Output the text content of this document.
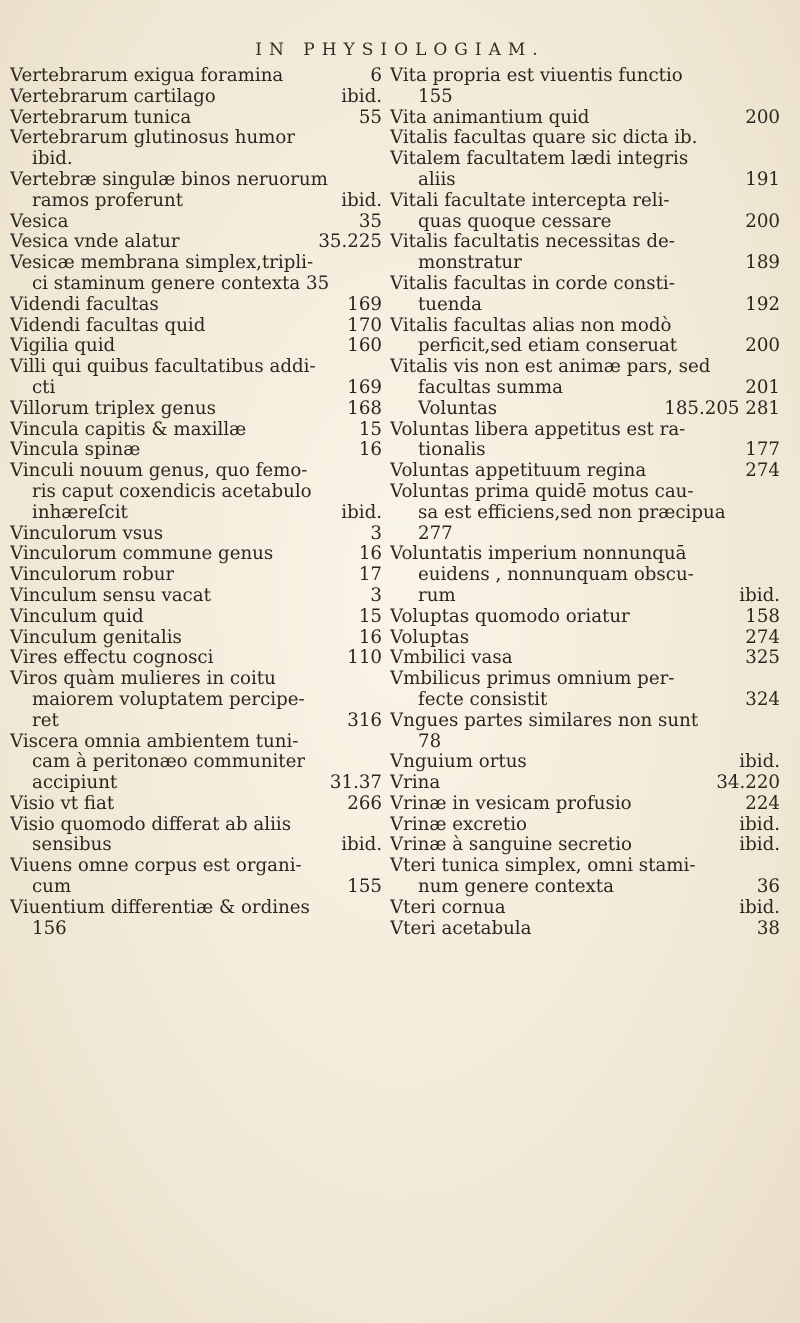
IN PHYSIOLOGIAM.
Vertebrarum exigua foramina	6
Vertebrarum cartilago	ibid.
Vertebrarum tunica	55
Vertebrarum glutinosus humor
ibid.
Vertebræ singulæ binos neruorum
ramos proferunt	ibid.
Vesica	35
Vesica vnde alatur	35.225
Vesicæ membrana simplex,tripli-
ci staminum genere contexta 35
Videndi facultas	169
Videndi facultas quid	170
Vigilia quid	160
Villi qui quibus facultatibus addi-
cti	169
Villorum triplex genus	168
Vincula capitis & maxillæ	15
Vincula spinæ	16
Vinculi nouum genus, quo femo-
ris caput coxendicis acetabulo
inhæreſcit	ibid.
Vinculorum vsus	3
Vinculorum commune genus	16
Vinculorum robur	17
Vinculum sensu vacat	3
Vinculum quid	15
Vinculum genitalis	16
Vires effectu cognosci	110
Viros quàm mulieres in coitu
maiorem voluptatem percipe-
ret	316
Viscera omnia ambientem tuni-
cam à peritonæo communiter
accipiunt	31.37
Visio vt fiat	266
Visio quomodo differat ab aliis
sensibus	ibid.
Viuens omne corpus est organi-
cum	155
Viuentium differentiæ & ordines
156
Vita propria est viuentis functio
155
Vita animantium quid	200
Vitalis facultas quare sic dicta ib.
Vitalem facultatem lædi integris
aliis	191
Vitali facultate intercepta reli-
quas quoque cessare	200
Vitalis facultatis necessitas de-
monstratur	189
Vitalis facultas in corde consti-
tuenda	192
Vitalis facultas alias non modò
perficit,sed etiam conseruat	200
Vitalis vis non est animæ pars, sed
facultas summa	201
Voluntas	185.205 281
Voluntas libera appetitus est ra-
tionalis	177
Voluntas appetituum regina	274
Voluntas prima quidē motus cau-
sa est efficiens,sed non præcipua
277
Voluntatis imperium nonnunquā
euidens , nonnunquam obscu-
rum	ibid.
Voluptas quomodo oriatur	158
Voluptas	274
Vmbilici vasa	325
Vmbilicus primus omnium per-
fecte consistit	324
Vngues partes similares non sunt
78
Vnguium ortus	ibid.
Vrina	34.220
Vrinæ in vesicam profusio	224
Vrinæ excretio	ibid.
Vrinæ à sanguine secretio	ibid.
Vteri tunica simplex, omni stami-
num genere contexta	36
Vteri cornua	ibid.
Vteri acetabula	38
